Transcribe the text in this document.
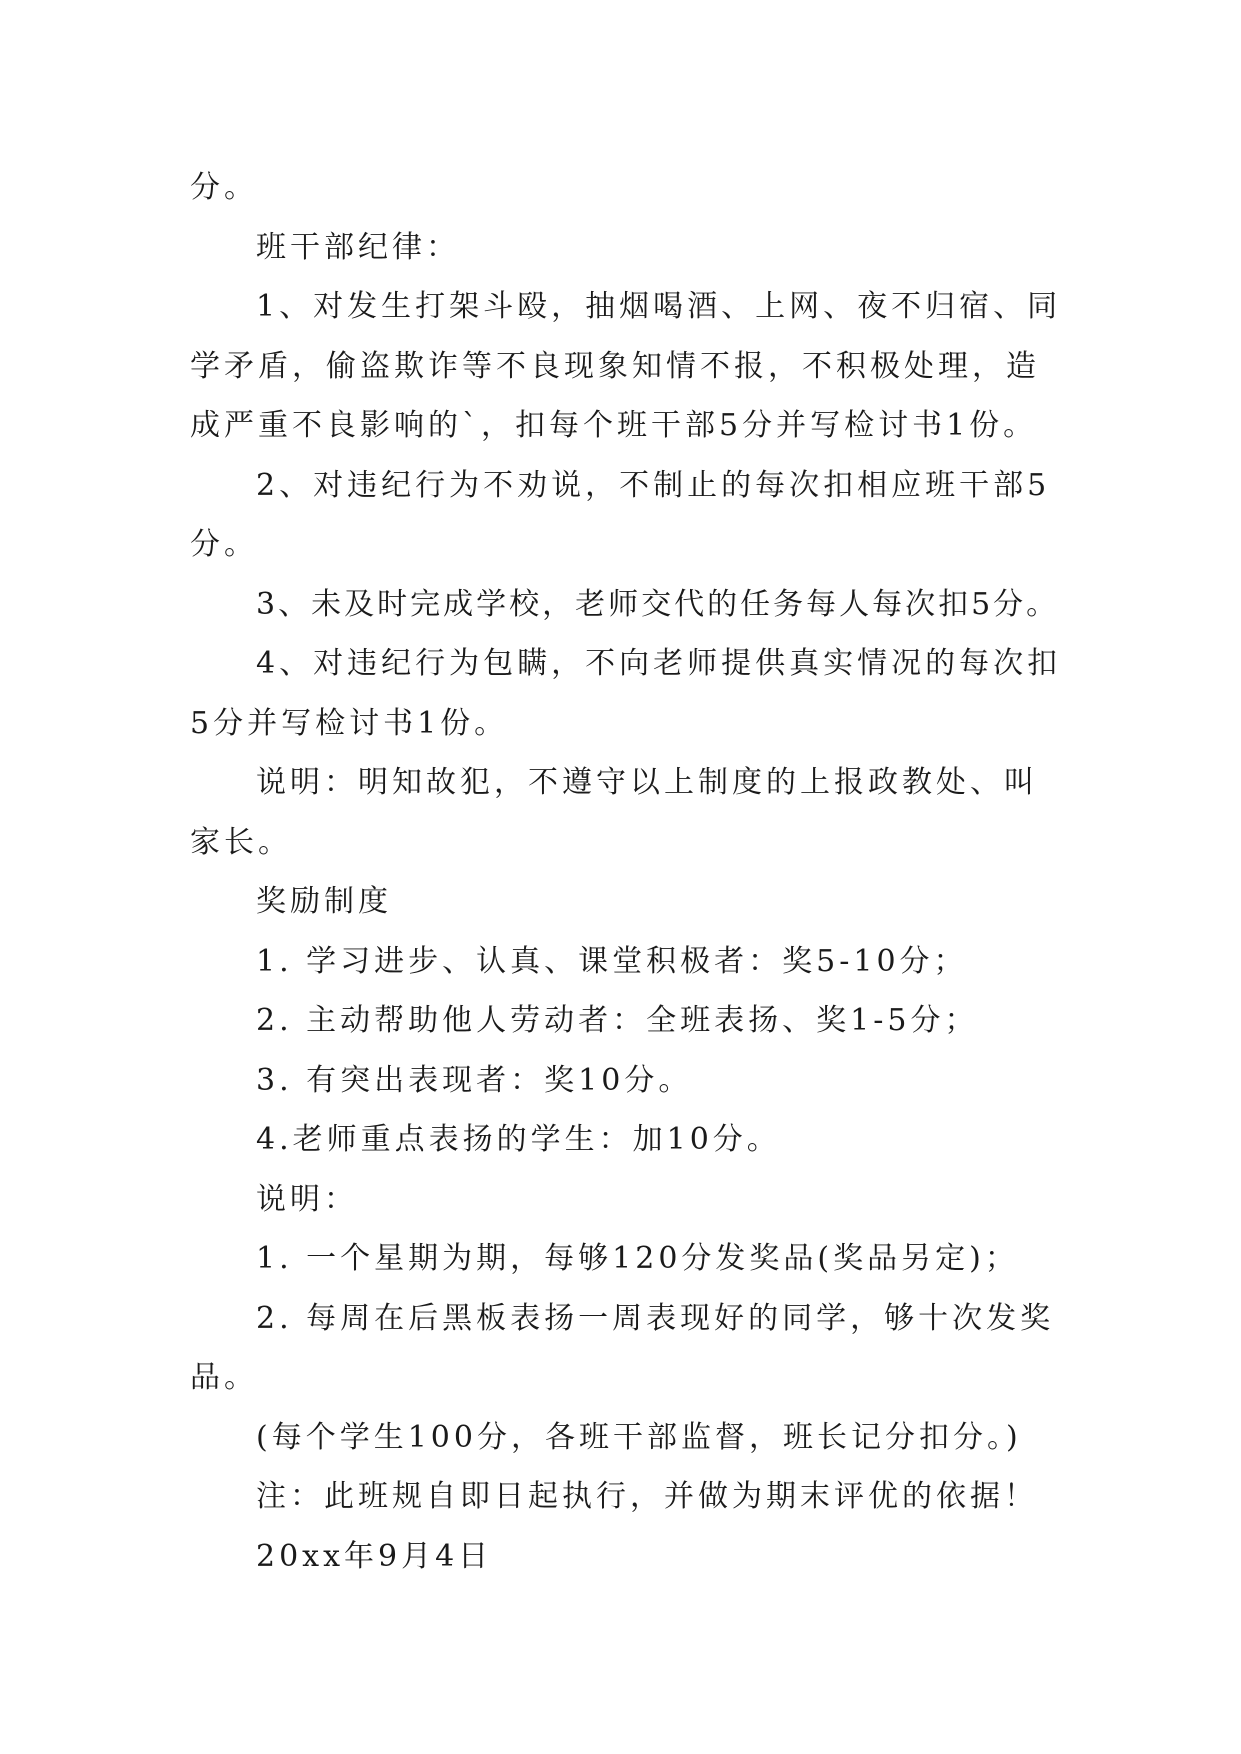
分。

班干部纪律：

1、对发生打架斗殴，抽烟喝酒、上网、夜不归宿、同学矛盾，偷盗欺诈等不良现象知情不报，不积极处理，造成严重不良影响的`，扣每个班干部5分并写检讨书1份。

2、对违纪行为不劝说，不制止的每次扣相应班干部5分。

3、未及时完成学校，老师交代的任务每人每次扣5分。

4、对违纪行为包瞒，不向老师提供真实情况的每次扣5分并写检讨书1份。

说明：明知故犯，不遵守以上制度的上报政教处、叫家长。

奖励制度

1. 学习进步、认真、课堂积极者：奖5-10分；

2. 主动帮助他人劳动者：全班表扬、奖1-5分；

3. 有突出表现者：奖10分。

4.老师重点表扬的学生：加10分。

说明：

1. 一个星期为期，每够120分发奖品(奖品另定)；

2. 每周在后黑板表扬一周表现好的同学，够十次发奖品。

(每个学生100分，各班干部监督，班长记分扣分。)

注：此班规自即日起执行，并做为期末评优的依据！

20xx年9月4日
